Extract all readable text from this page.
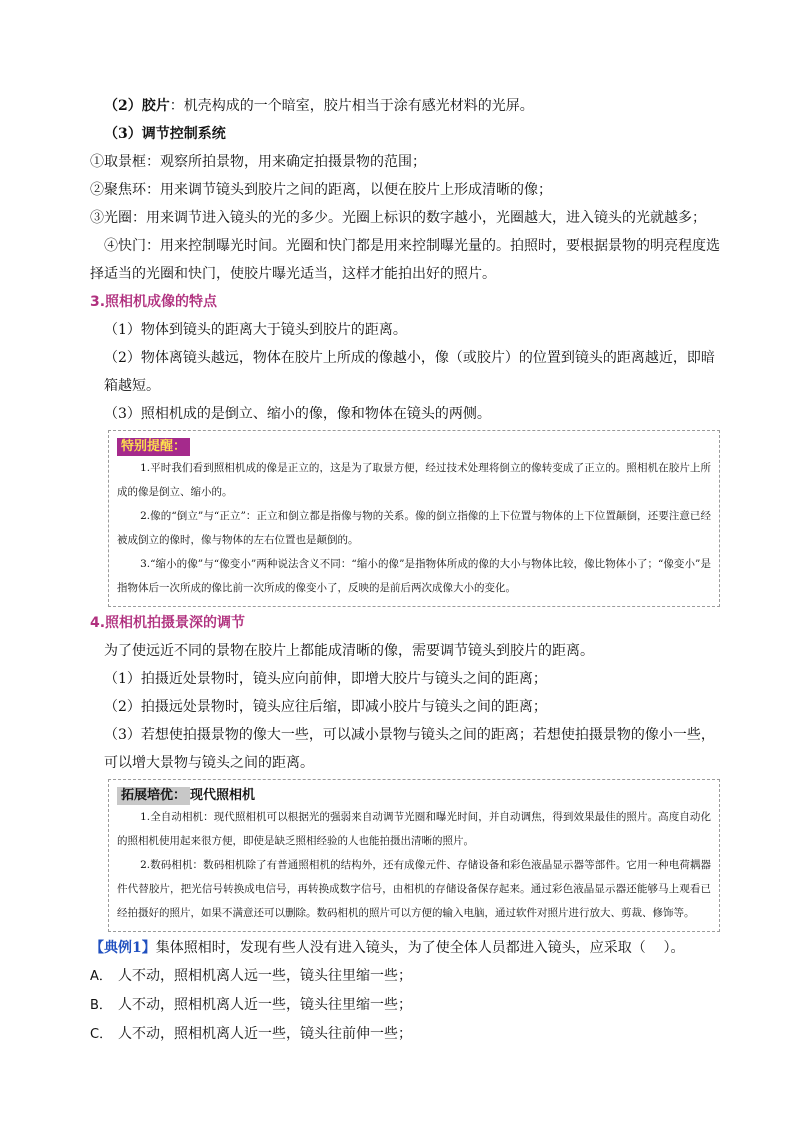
（2）胶片：机壳构成的一个暗室，胶片相当于涂有感光材料的光屏。

（3）调节控制系统

①取景框：观察所拍景物，用来确定拍摄景物的范围；

②聚焦环：用来调节镜头到胶片之间的距离，以便在胶片上形成清晰的像；

③光圈：用来调节进入镜头的光的多少。光圈上标识的数字越小，光圈越大，进入镜头的光就越多；

④快门：用来控制曝光时间。光圈和快门都是用来控制曝光量的。拍照时，要根据景物的明亮程度选择适当的光圈和快门，使胶片曝光适当，这样才能拍出好的照片。

3.照相机成像的特点

（1）物体到镜头的距离大于镜头到胶片的距离。

（2）物体离镜头越远，物体在胶片上所成的像越小，像（或胶片）的位置到镜头的距离越近，即暗箱越短。

（3）照相机成的是倒立、缩小的像，像和物体在镜头的两侧。

特别提醒：

1.平时我们看到照相机成的像是正立的，这是为了取景方便，经过技术处理将倒立的像转变成了正立的。照相机在胶片上所成的像是倒立、缩小的。

2.像的“倒立”与“正立”：正立和倒立都是指像与物的关系。像的倒立指像的上下位置与物体的上下位置颠倒，还要注意已经被成倒立的像时，像与物体的左右位置也是颠倒的。

3.“缩小的像”与“像变小”两种说法含义不同：“缩小的像”是指物体所成的像的大小与物体比较，像比物体小了；“像变小”是指物体后一次所成的像比前一次所成的像变小了，反映的是前后两次成像大小的变化。

4.照相机拍摄景深的调节

为了使远近不同的景物在胶片上都能成清晰的像，需要调节镜头到胶片的距离。

（1）拍摄近处景物时，镜头应向前伸，即增大胶片与镜头之间的距离；

（2）拍摄远处景物时，镜头应往后缩，即减小胶片与镜头之间的距离；

（3）若想使拍摄景物的像大一些，可以减小景物与镜头之间的距离；若想使拍摄景物的像小一些，可以增大景物与镜头之间的距离。

拓展培优： 现代照相机

1.全自动相机：现代照相机可以根据光的强弱来自动调节光圈和曝光时间，并自动调焦，得到效果最佳的照片。高度自动化的照相机使用起来很方便，即使是缺乏照相经验的人也能拍摄出清晰的照片。

2.数码相机：数码相机除了有普通照相机的结构外，还有成像元件、存储设备和彩色液晶显示器等部件。它用一种电荷耦器件代替胶片，把光信号转换成电信号，再转换成数字信号，由相机的存储设备保存起来。通过彩色液晶显示器还能够马上观看已经拍摄好的照片，如果不满意还可以删除。数码相机的照片可以方便的输入电脑，通过软件对照片进行放大、剪裁、修饰等。

【典例1】集体照相时，发现有些人没有进入镜头，为了使全体人员都进入镜头，应采取（    ）。

A． 人不动，照相机离人远一些，镜头往里缩一些；

B． 人不动，照相机离人近一些，镜头往里缩一些；

C． 人不动，照相机离人近一些，镜头往前伸一些；
